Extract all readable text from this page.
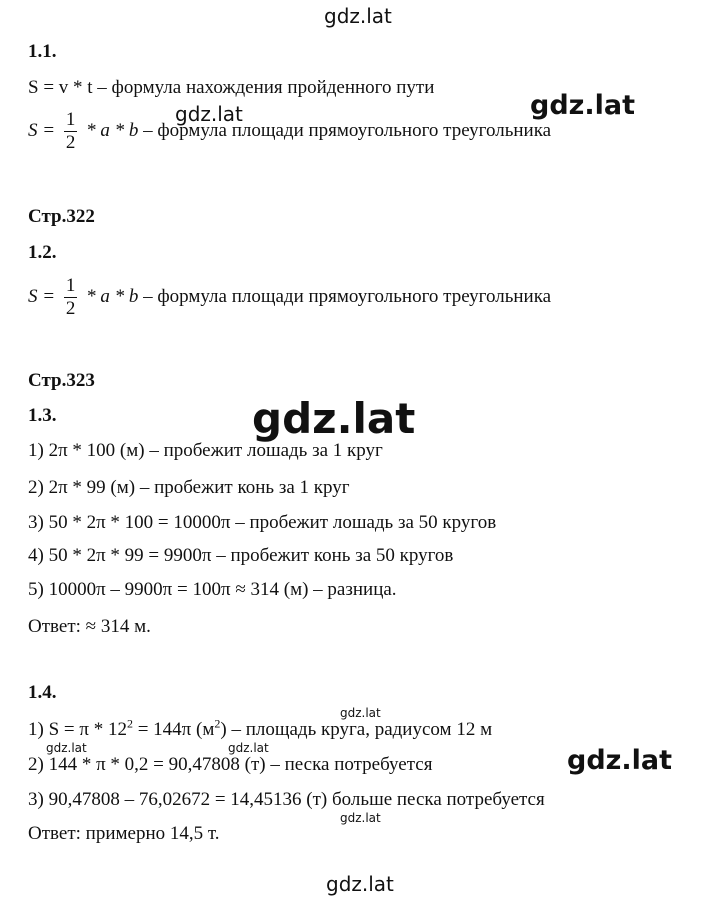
1.1.
S = v * t – формула нахождения пройденного пути
$S = \frac{1}{2} * a * b$ – формула площади прямоугольного треугольника
Стр.322
1.2.
$S = \frac{1}{2} * a * b$ – формула площади прямоугольного треугольника
Стр.323
1.3.
1) 2π * 100 (м) – пробежит лошадь за 1 круг
2) 2π * 99 (м) – пробежит конь за 1 круг
3) 50 * 2π * 100 = 10000π – пробежит лошадь за 50 кругов
4) 50 * 2π * 99 = 9900π – пробежит конь за 50 кругов
5) 10000π – 9900π = 100π ≈ 314 (м) – разница.
Ответ: ≈ 314 м.
1.4.
1) $S = \pi * 12^2 = 144\pi$ $(м^2)$ – площадь круга, радиусом 12 м
2) 144 * π * 0,2 = 90,47808 (т) – песка потребуется
3) 90,47808 – 76,02672 = 14,45136 (т) больше песка потребуется
Ответ: примерно 14,5 т.
gdz.lat
gdz.lat	gdz.lat
gdz.lat
gdz.lat
gdz.lat	gdz.lat
gdz.lat
gdz.lat
gdz.lat
